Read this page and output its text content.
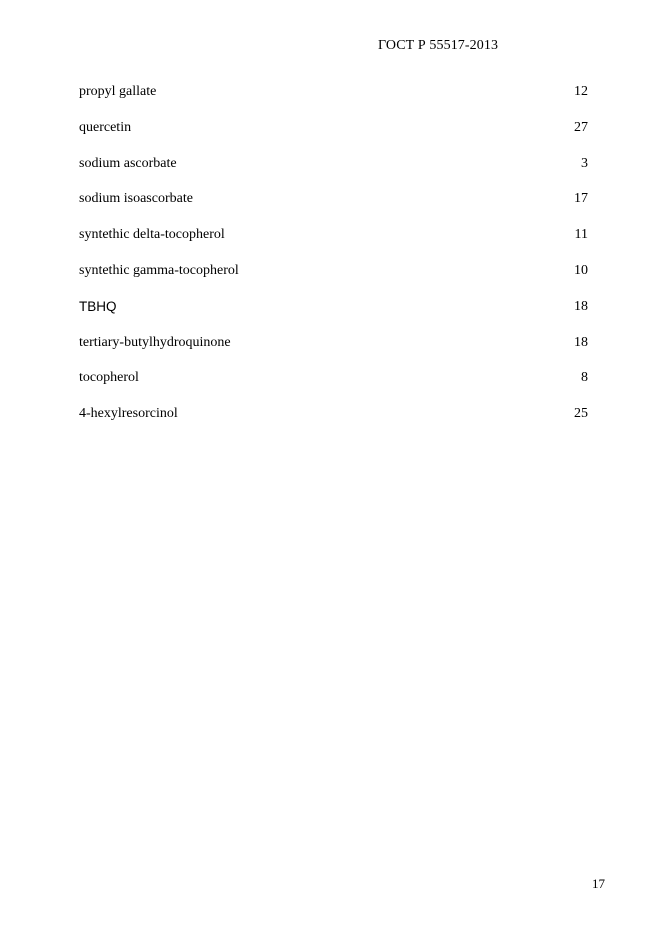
ГОСТ Р 55517-2013
propyl gallate	12
quercetin	27
sodium ascorbate	3
sodium isoascorbate	17
syntethic delta-tocopherol	11
syntethic gamma-tocopherol	10
TBHQ	18
tertiary-butylhydroquinone	18
tocopherol	8
4-hexylresorcinol	25
17
